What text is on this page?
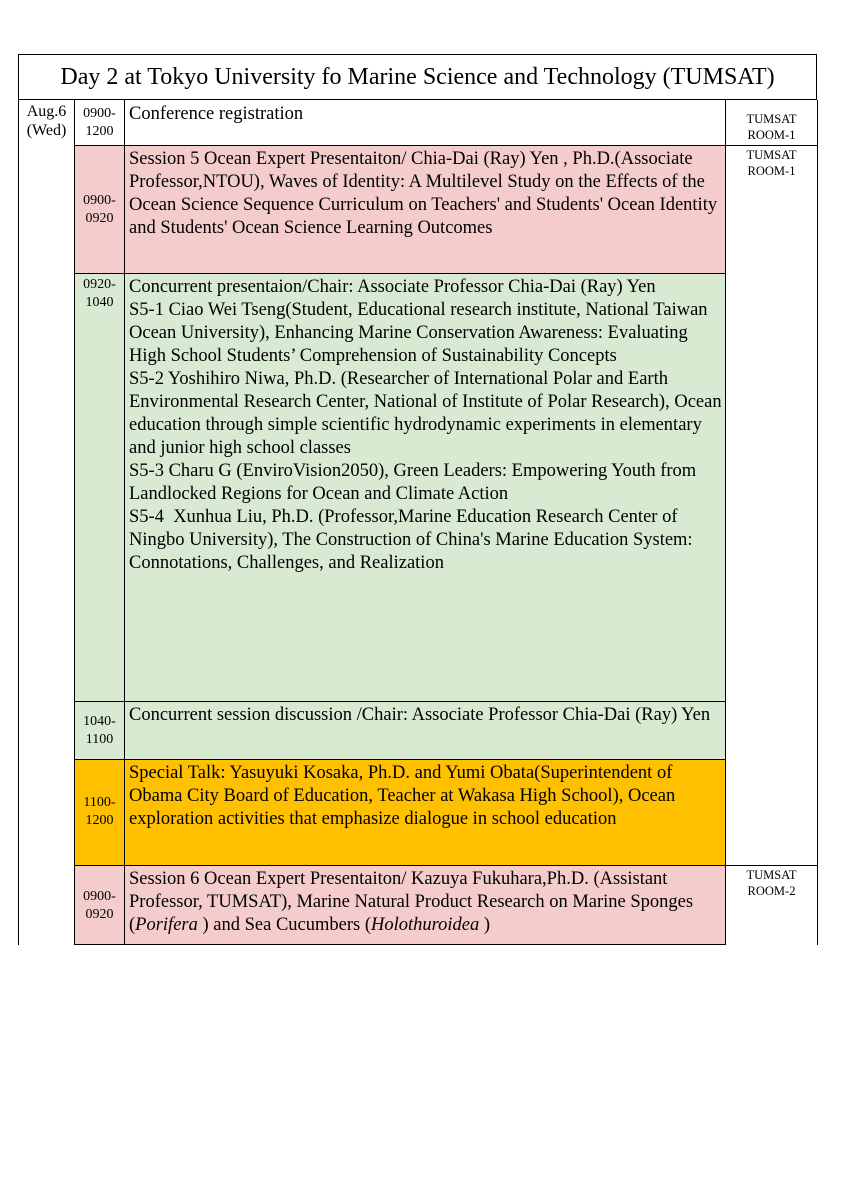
Day 2 at Tokyo University fo Marine Science and Technology (TUMSAT)
Aug.6
(Wed)
0900-
1200

Conference registration	TUMSAT
ROOM-1
0900-
0920

Session 5 Ocean Expert Presentaiton/ Chia-Dai (Ray) Yen , Ph.D.(Associate Professor,NTOU), Waves of Identity: A Multilevel Study on the Effects of the Ocean Science Sequence Curriculum on Teachers' and Students' Ocean Identity and Students' Ocean Science Learning Outcomes

TUMSAT
ROOM-1
0920-
1040

Concurrent presentaion/Chair: Associate Professor Chia-Dai (Ray) Yen

S5-1 Ciao Wei Tseng(Student, Educational research institute, National Taiwan Ocean University), Enhancing Marine Conservation Awareness: Evaluating High School Students’ Comprehension of Sustainability Concepts

S5-2 Yoshihiro Niwa, Ph.D. (Researcher of International Polar and Earth Environmental Research Center, National of Institute of Polar Research), Ocean education through simple scientific hydrodynamic experiments in elementary and junior high school classes

S5-3 Charu G (EnviroVision2050), Green Leaders: Empowering Youth from Landlocked Regions for Ocean and Climate Action

S5-4  Xunhua Liu, Ph.D. (Professor,Marine Education Research Center of Ningbo University), The Construction of China's Marine Education System: Connotations, Challenges, and Realization

1040-
1100

Concurrent session discussion /Chair: Associate Professor Chia-Dai (Ray) Yen

1100-
1200

Special Talk: Yasuyuki Kosaka, Ph.D. and Yumi Obata(Superintendent of Obama City Board of Education, Teacher at Wakasa High School), Ocean exploration activities that emphasize dialogue in school education

0900-
0920

Session 6 Ocean Expert Presentaiton/ Kazuya Fukuhara,Ph.D. (Assistant Professor, TUMSAT), Marine Natural Product Research on Marine Sponges (Porifera ) and Sea Cucumbers (Holothuroidea )

TUMSAT
ROOM-2
